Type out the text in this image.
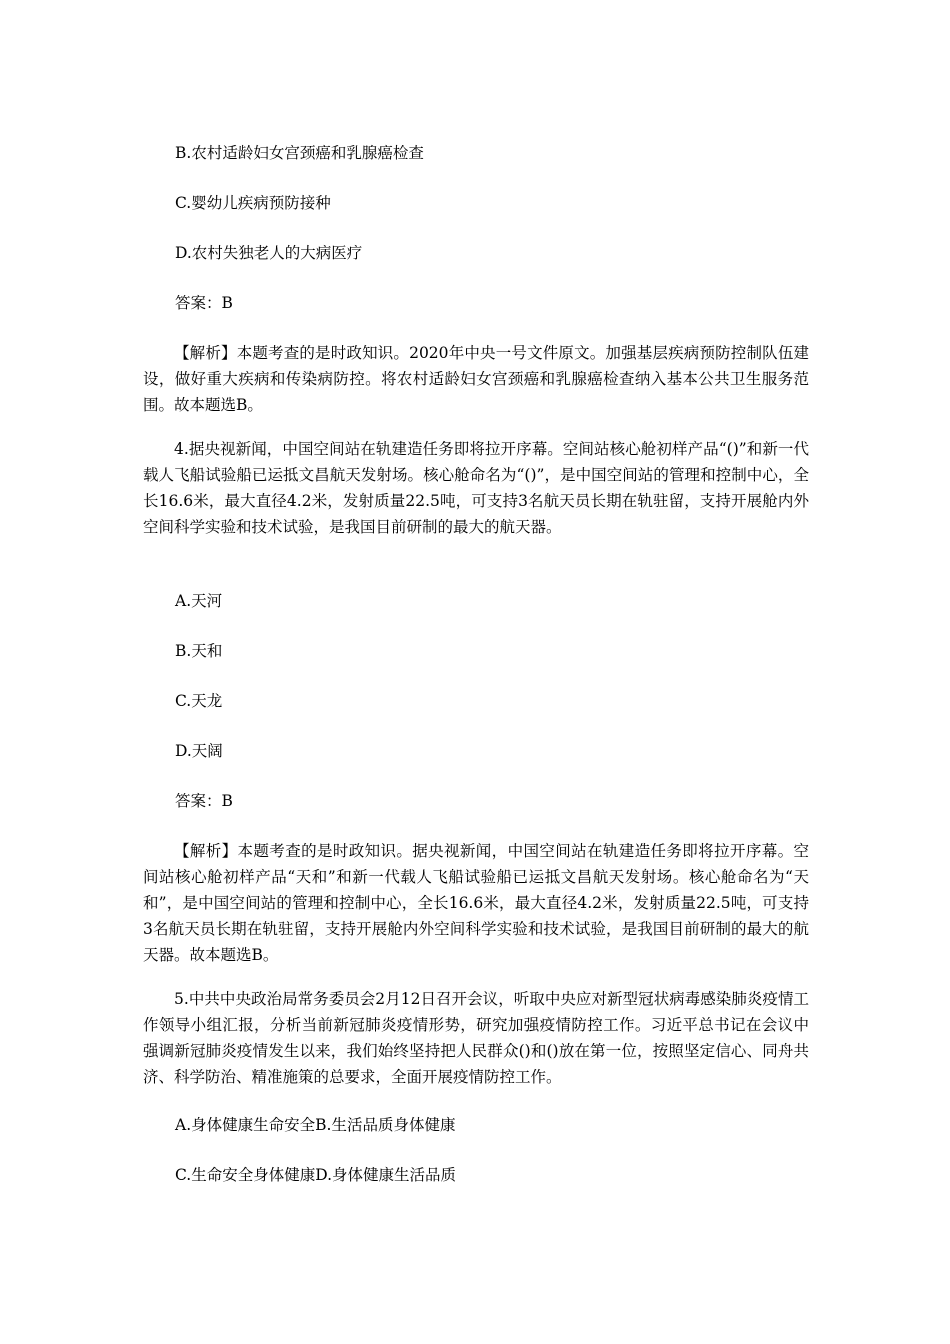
B.农村适龄妇女宫颈癌和乳腺癌检查
C.婴幼儿疾病预防接种
D.农村失独老人的大病医疗
答案：B
【解析】本题考查的是时政知识。2020年中央一号文件原文。加强基层疾病预防控制队伍建设，做好重大疾病和传染病防控。将农村适龄妇女宫颈癌和乳腺癌检查纳入基本公共卫生服务范围。故本题选B。
4.据央视新闻，中国空间站在轨建造任务即将拉开序幕。空间站核心舱初样产品“()”和新一代载人飞船试验船已运抵文昌航天发射场。核心舱命名为“()”，是中国空间站的管理和控制中心，全长16.6米，最大直径4.2米，发射质量22.5吨，可支持3名航天员长期在轨驻留，支持开展舱内外空间科学实验和技术试验，是我国目前研制的最大的航天器。
A.天河
B.天和
C.天龙
D.天阔
答案：B
【解析】本题考查的是时政知识。据央视新闻，中国空间站在轨建造任务即将拉开序幕。空间站核心舱初样产品“天和”和新一代载人飞船试验船已运抵文昌航天发射场。核心舱命名为“天和”，是中国空间站的管理和控制中心，全长16.6米，最大直径4.2米，发射质量22.5吨，可支持3名航天员长期在轨驻留，支持开展舱内外空间科学实验和技术试验，是我国目前研制的最大的航天器。故本题选B。
5.中共中央政治局常务委员会2月12日召开会议，听取中央应对新型冠状病毒感染肺炎疫情工作领导小组汇报，分析当前新冠肺炎疫情形势，研究加强疫情防控工作。习近平总书记在会议中强调新冠肺炎疫情发生以来，我们始终坚持把人民群众()和()放在第一位，按照坚定信心、同舟共济、科学防治、精准施策的总要求，全面开展疫情防控工作。
A.身体健康生命安全B.生活品质身体健康
C.生命安全身体健康D.身体健康生活品质
